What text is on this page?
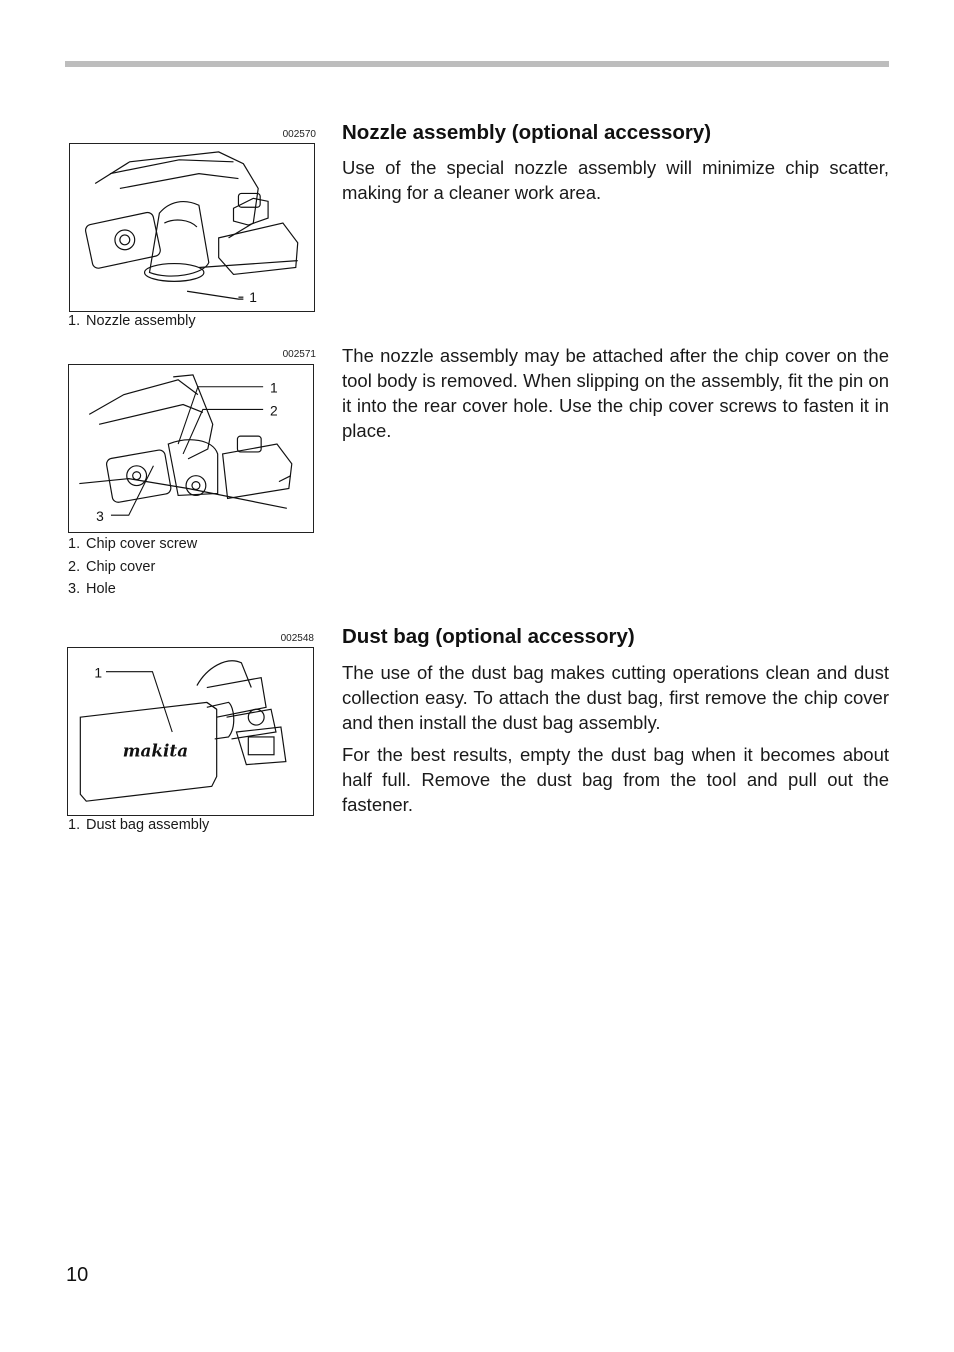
002570
1
1. Nozzle assembly
002571
1
2
3
1. Chip cover screw
2. Chip cover
3. Hole
002548
1
makita
1. Dust bag assembly
Nozzle assembly (optional accessory)

Use of the special nozzle assembly will minimize chip scatter, making for a cleaner work area.

The nozzle assembly may be attached after the chip cover on the tool body is removed. When slipping on the assembly, fit the pin on it into the rear cover hole. Use the chip cover screws to fasten it in place.

Dust bag (optional accessory)

The use of the dust bag makes cutting operations clean and dust collection easy. To attach the dust bag, first remove the chip cover and then install the dust bag assembly.

For the best results, empty the dust bag when it becomes about half full. Remove the dust bag from the tool and pull out the fastener.

10
